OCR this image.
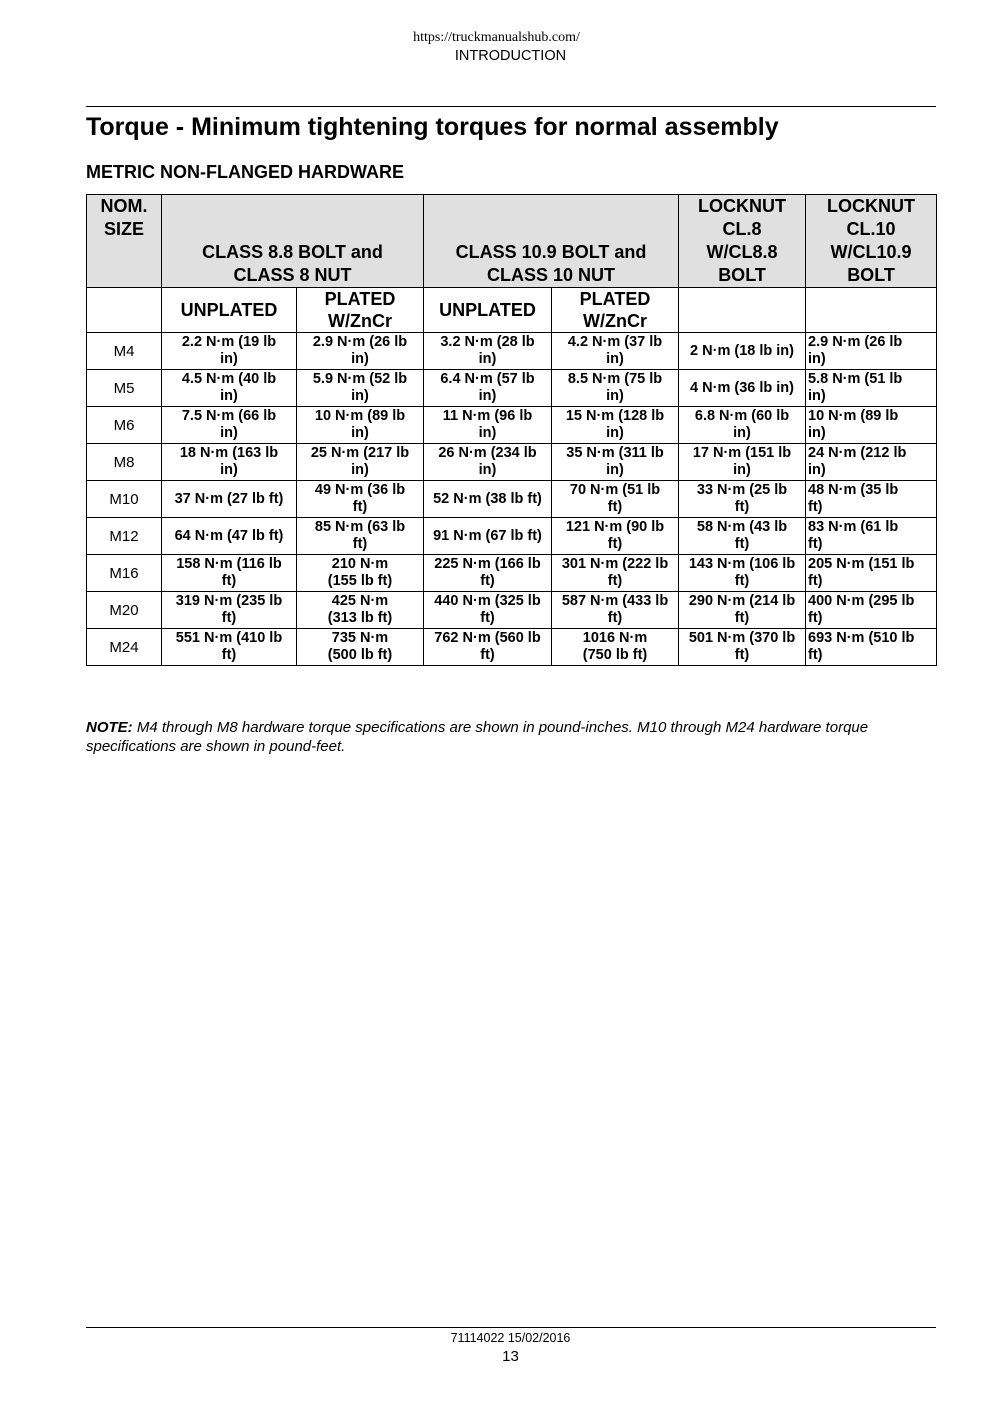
https://truckmanualshub.com/
INTRODUCTION
Torque - Minimum tightening torques for normal assembly
METRIC NON-FLANGED HARDWARE
NOM.
SIZE	CLASS 8.8 BOLT and
CLASS 8 NUT		CLASS 10.9 BOLT and
CLASS 10 NUT		LOCKNUT
CL.8
W/CL8.8
BOLT	LOCKNUT
CL.10
W/CL10.9
BOLT
	UNPLATED	PLATED
W/ZnCr	UNPLATED	PLATED
W/ZnCr		
M4	2.2 N·m (19 lb
in)	2.9 N·m (26 lb
in)	3.2 N·m (28 lb
in)	4.2 N·m (37 lb
in)	2 N·m (18 lb in)	2.9 N·m (26 lb
in)
M5	4.5 N·m (40 lb
in)	5.9 N·m (52 lb
in)	6.4 N·m (57 lb
in)	8.5 N·m (75 lb
in)	4 N·m (36 lb in)	5.8 N·m (51 lb
in)
M6	7.5 N·m (66 lb
in)	10 N·m (89 lb
in)	11 N·m (96 lb
in)	15 N·m (128 lb
in)	6.8 N·m (60 lb
in)	10 N·m (89 lb
in)
M8	18 N·m (163 lb
in)	25 N·m (217 lb
in)	26 N·m (234 lb
in)	35 N·m (311 lb
in)	17 N·m (151 lb
in)	24 N·m (212 lb
in)
M10	37 N·m (27 lb ft)	49 N·m (36 lb
ft)	52 N·m (38 lb ft)	70 N·m (51 lb
ft)	33 N·m (25 lb
ft)	48 N·m (35 lb
ft)
M12	64 N·m (47 lb ft)	85 N·m (63 lb
ft)	91 N·m (67 lb ft)	121 N·m (90 lb
ft)	58 N·m (43 lb
ft)	83 N·m (61 lb
ft)
M16	158 N·m (116 lb
ft)	210 N·m
(155 lb ft)	225 N·m (166 lb
ft)	301 N·m (222 lb
ft)	143 N·m (106 lb
ft)	205 N·m (151 lb
ft)
M20	319 N·m (235 lb
ft)	425 N·m
(313 lb ft)	440 N·m (325 lb
ft)	587 N·m (433 lb
ft)	290 N·m (214 lb
ft)	400 N·m (295 lb
ft)
M24	551 N·m (410 lb
ft)	735 N·m
(500 lb ft)	762 N·m (560 lb
ft)	1016 N·m
(750 lb ft)	501 N·m (370 lb
ft)	693 N·m (510 lb
ft)
NOTE: M4 through M8 hardware torque specifications are shown in pound-inches. M10 through M24 hardware torque specifications are shown in pound-feet.
71114022 15/02/2016
13
